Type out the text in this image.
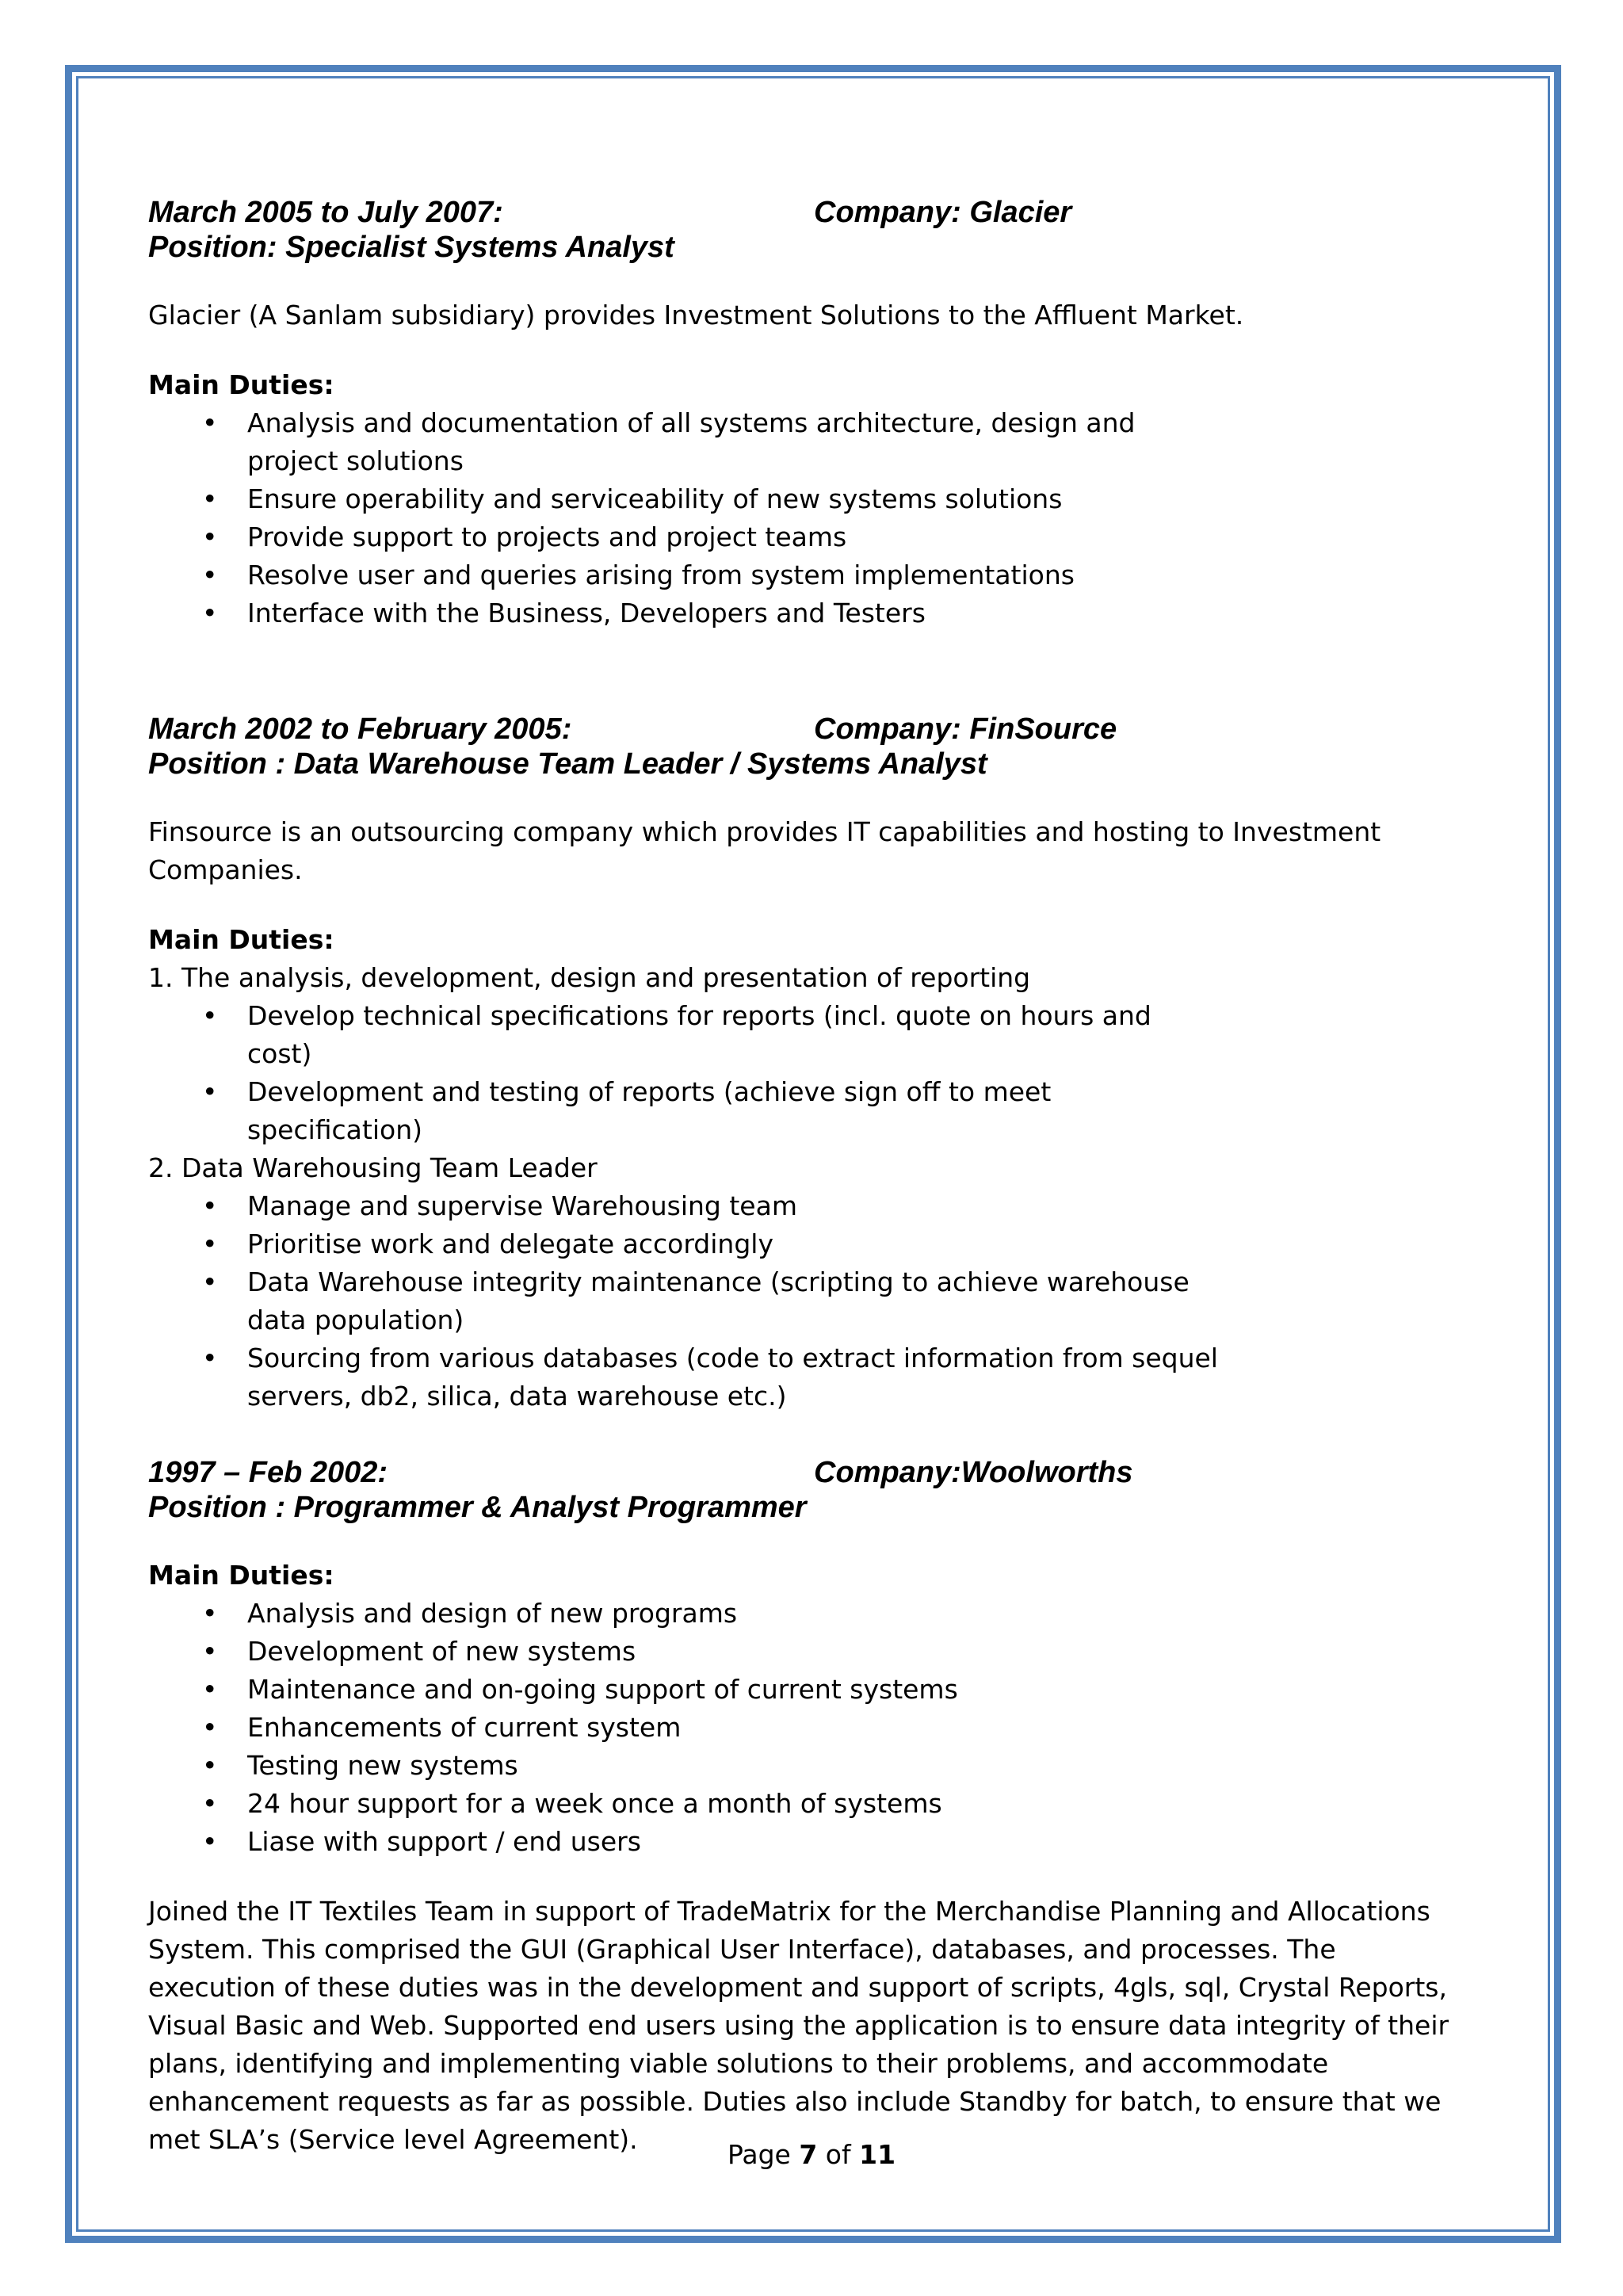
March 2005 to July 2007:	Company: Glacier
Position: Specialist Systems Analyst

Glacier (A Sanlam subsidiary) provides Investment Solutions to the Affluent Market.

Main Duties:

• Analysis and documentation of all systems architecture, design and project solutions
• Ensure operability and serviceability of new systems solutions
• Provide support to projects and project teams
• Resolve user and queries arising from system implementations
• Interface with the Business, Developers and Testers
March 2002 to February 2005:	Company: FinSource
Position : Data Warehouse Team Leader / Systems Analyst

Finsource is an outsourcing company which provides IT capabilities and hosting to Investment Companies.

Main Duties:

1. The analysis, development, design and presentation of reporting

• Develop technical specifications for reports (incl. quote on hours and cost)
• Development and testing of reports (achieve sign off to meet specification)

2. Data Warehousing Team Leader

• Manage and supervise Warehousing team
• Prioritise work and delegate accordingly
• Data Warehouse integrity maintenance (scripting to achieve warehouse data population)
• Sourcing from various databases (code to extract information from sequel servers, db2, silica, data warehouse etc.)
1997 – Feb 2002:	Company:Woolworths
Position : Programmer & Analyst Programmer

Main Duties:

• Analysis and design of new programs
• Development of new systems
• Maintenance and on-going support of current systems
• Enhancements of current system
• Testing new systems
• 24 hour support for a week once a month of systems
• Liase with support / end users

Joined the IT Textiles Team in support of TradeMatrix for the Merchandise Planning and Allocations System. This comprised the GUI (Graphical User Interface), databases, and processes. The execution of these duties was in the development and support of scripts, 4gls, sql, Crystal Reports, Visual Basic and Web. Supported end users using the application is to ensure data integrity of their plans, identifying and implementing viable solutions to their problems, and accommodate enhancement requests as far as possible. Duties also include Standby for batch, to ensure that we met SLA’s (Service level Agreement).	Page 7 of 11
